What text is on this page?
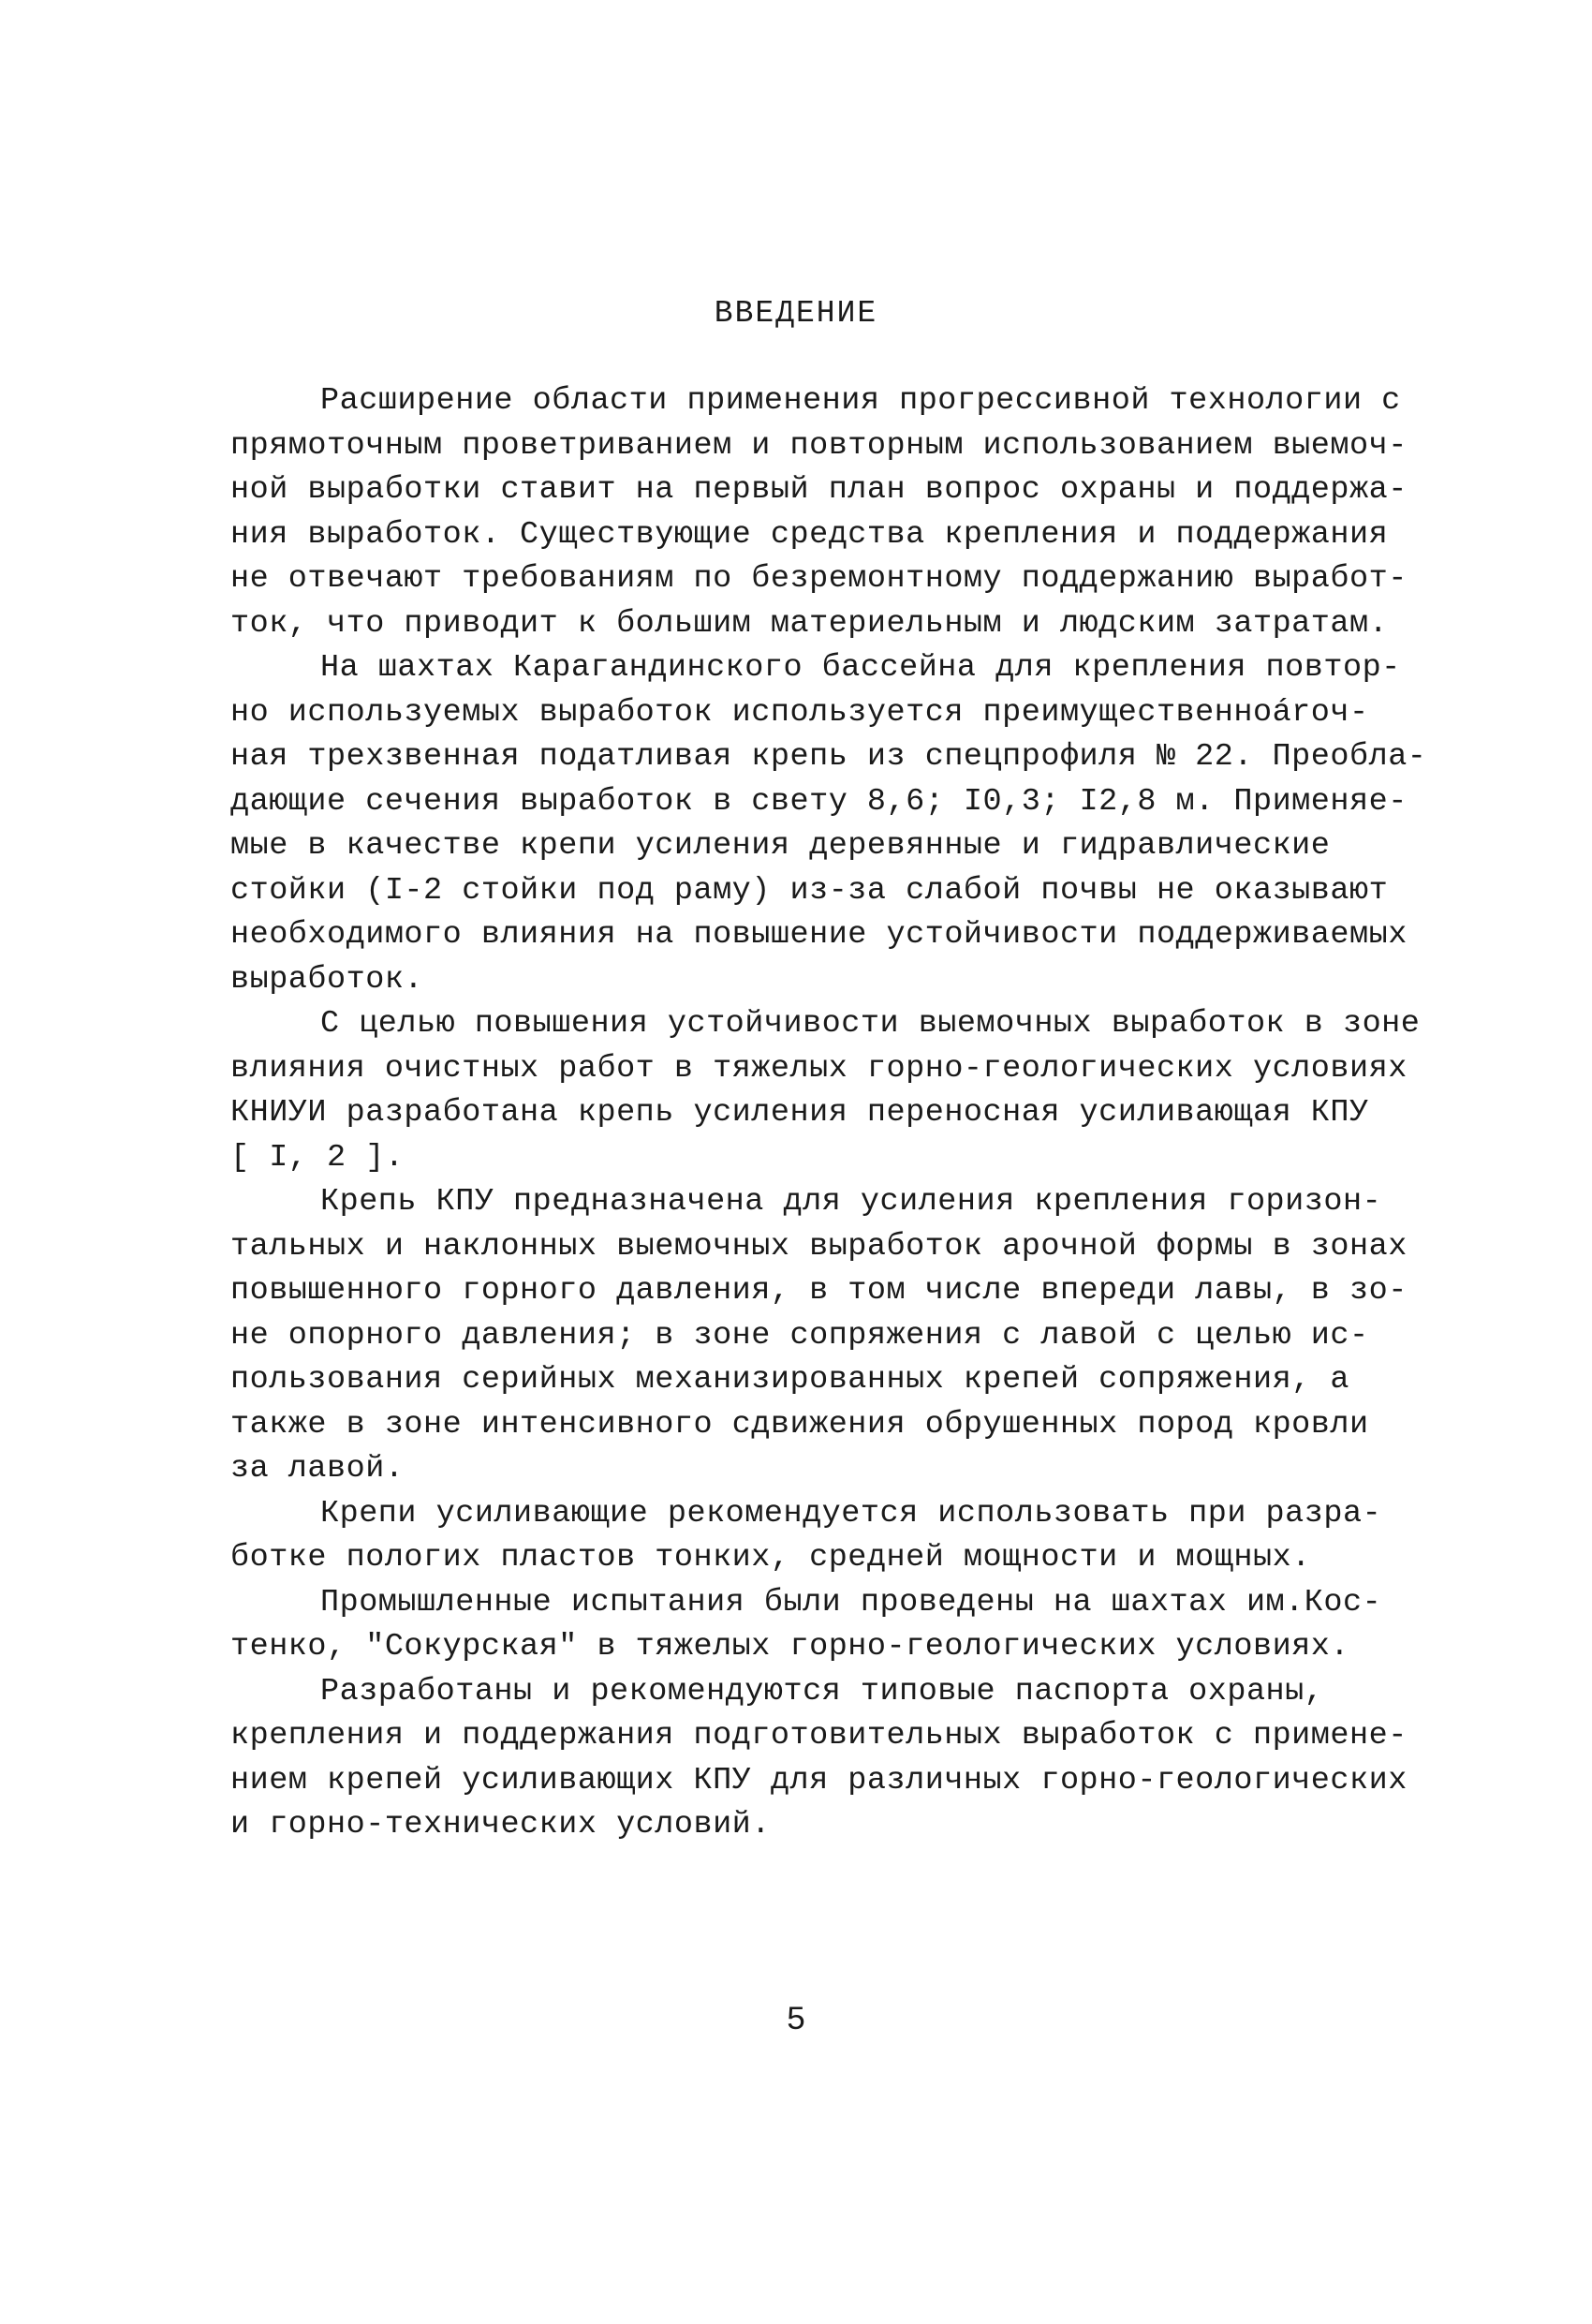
ВВЕДЕНИЕ
Расширение области применения прогрессивной технологии с
прямоточным проветриванием и повторным использованием выемоч-
ной выработки ставит на первый план вопрос охраны и поддержа-
ния выработок. Существующие средства крепления и поддержания
не отвечают требованиям по безремонтному поддержанию выработ-
ток, что приводит к большим материельным и людским затратам.
На шахтах Карагандинского бассейна для крепления повтор-
но используемых выработок используется преимущественноároч-
ная трехзвенная податливая крепь из спецпрофиля № 22. Преобла-
дающие сечения выработок в свету 8,6; I0,3; I2,8 м. Применяе-
мые в качестве крепи усиления деревянные и гидравлические
стойки (I-2 стойки под раму) из-за слабой почвы не оказывают
необходимого влияния на повышение устойчивости поддерживаемых
выработок.
С целью повышения устойчивости выемочных выработок в зоне
влияния очистных работ в тяжелых горно-геологических условиях
КНИУИ разработана крепь усиления переносная усиливающая КПУ
[ I, 2 ].
Крепь КПУ предназначена для усиления крепления горизон-
тальных и наклонных выемочных выработок арочной формы в зонах
повышенного горного давления, в том числе впереди лавы, в зо-
не опорного давления; в зоне сопряжения с лавой с целью ис-
пользования серийных механизированных крепей сопряжения, а
также в зоне интенсивного сдвижения обрушенных пород кровли
за лавой.
Крепи усиливающие рекомендуется использовать при разра-
ботке пологих пластов тонких, средней мощности и мощных.
Промышленные испытания были проведены на шахтах им.Кос-
тенко, "Сокурская" в тяжелых горно-геологических условиях.
Разработаны и рекомендуются типовые паспорта охраны,
крепления и поддержания подготовительных выработок с примене-
нием крепей усиливающих КПУ для различных горно-геологических
и горно-технических условий.
5
